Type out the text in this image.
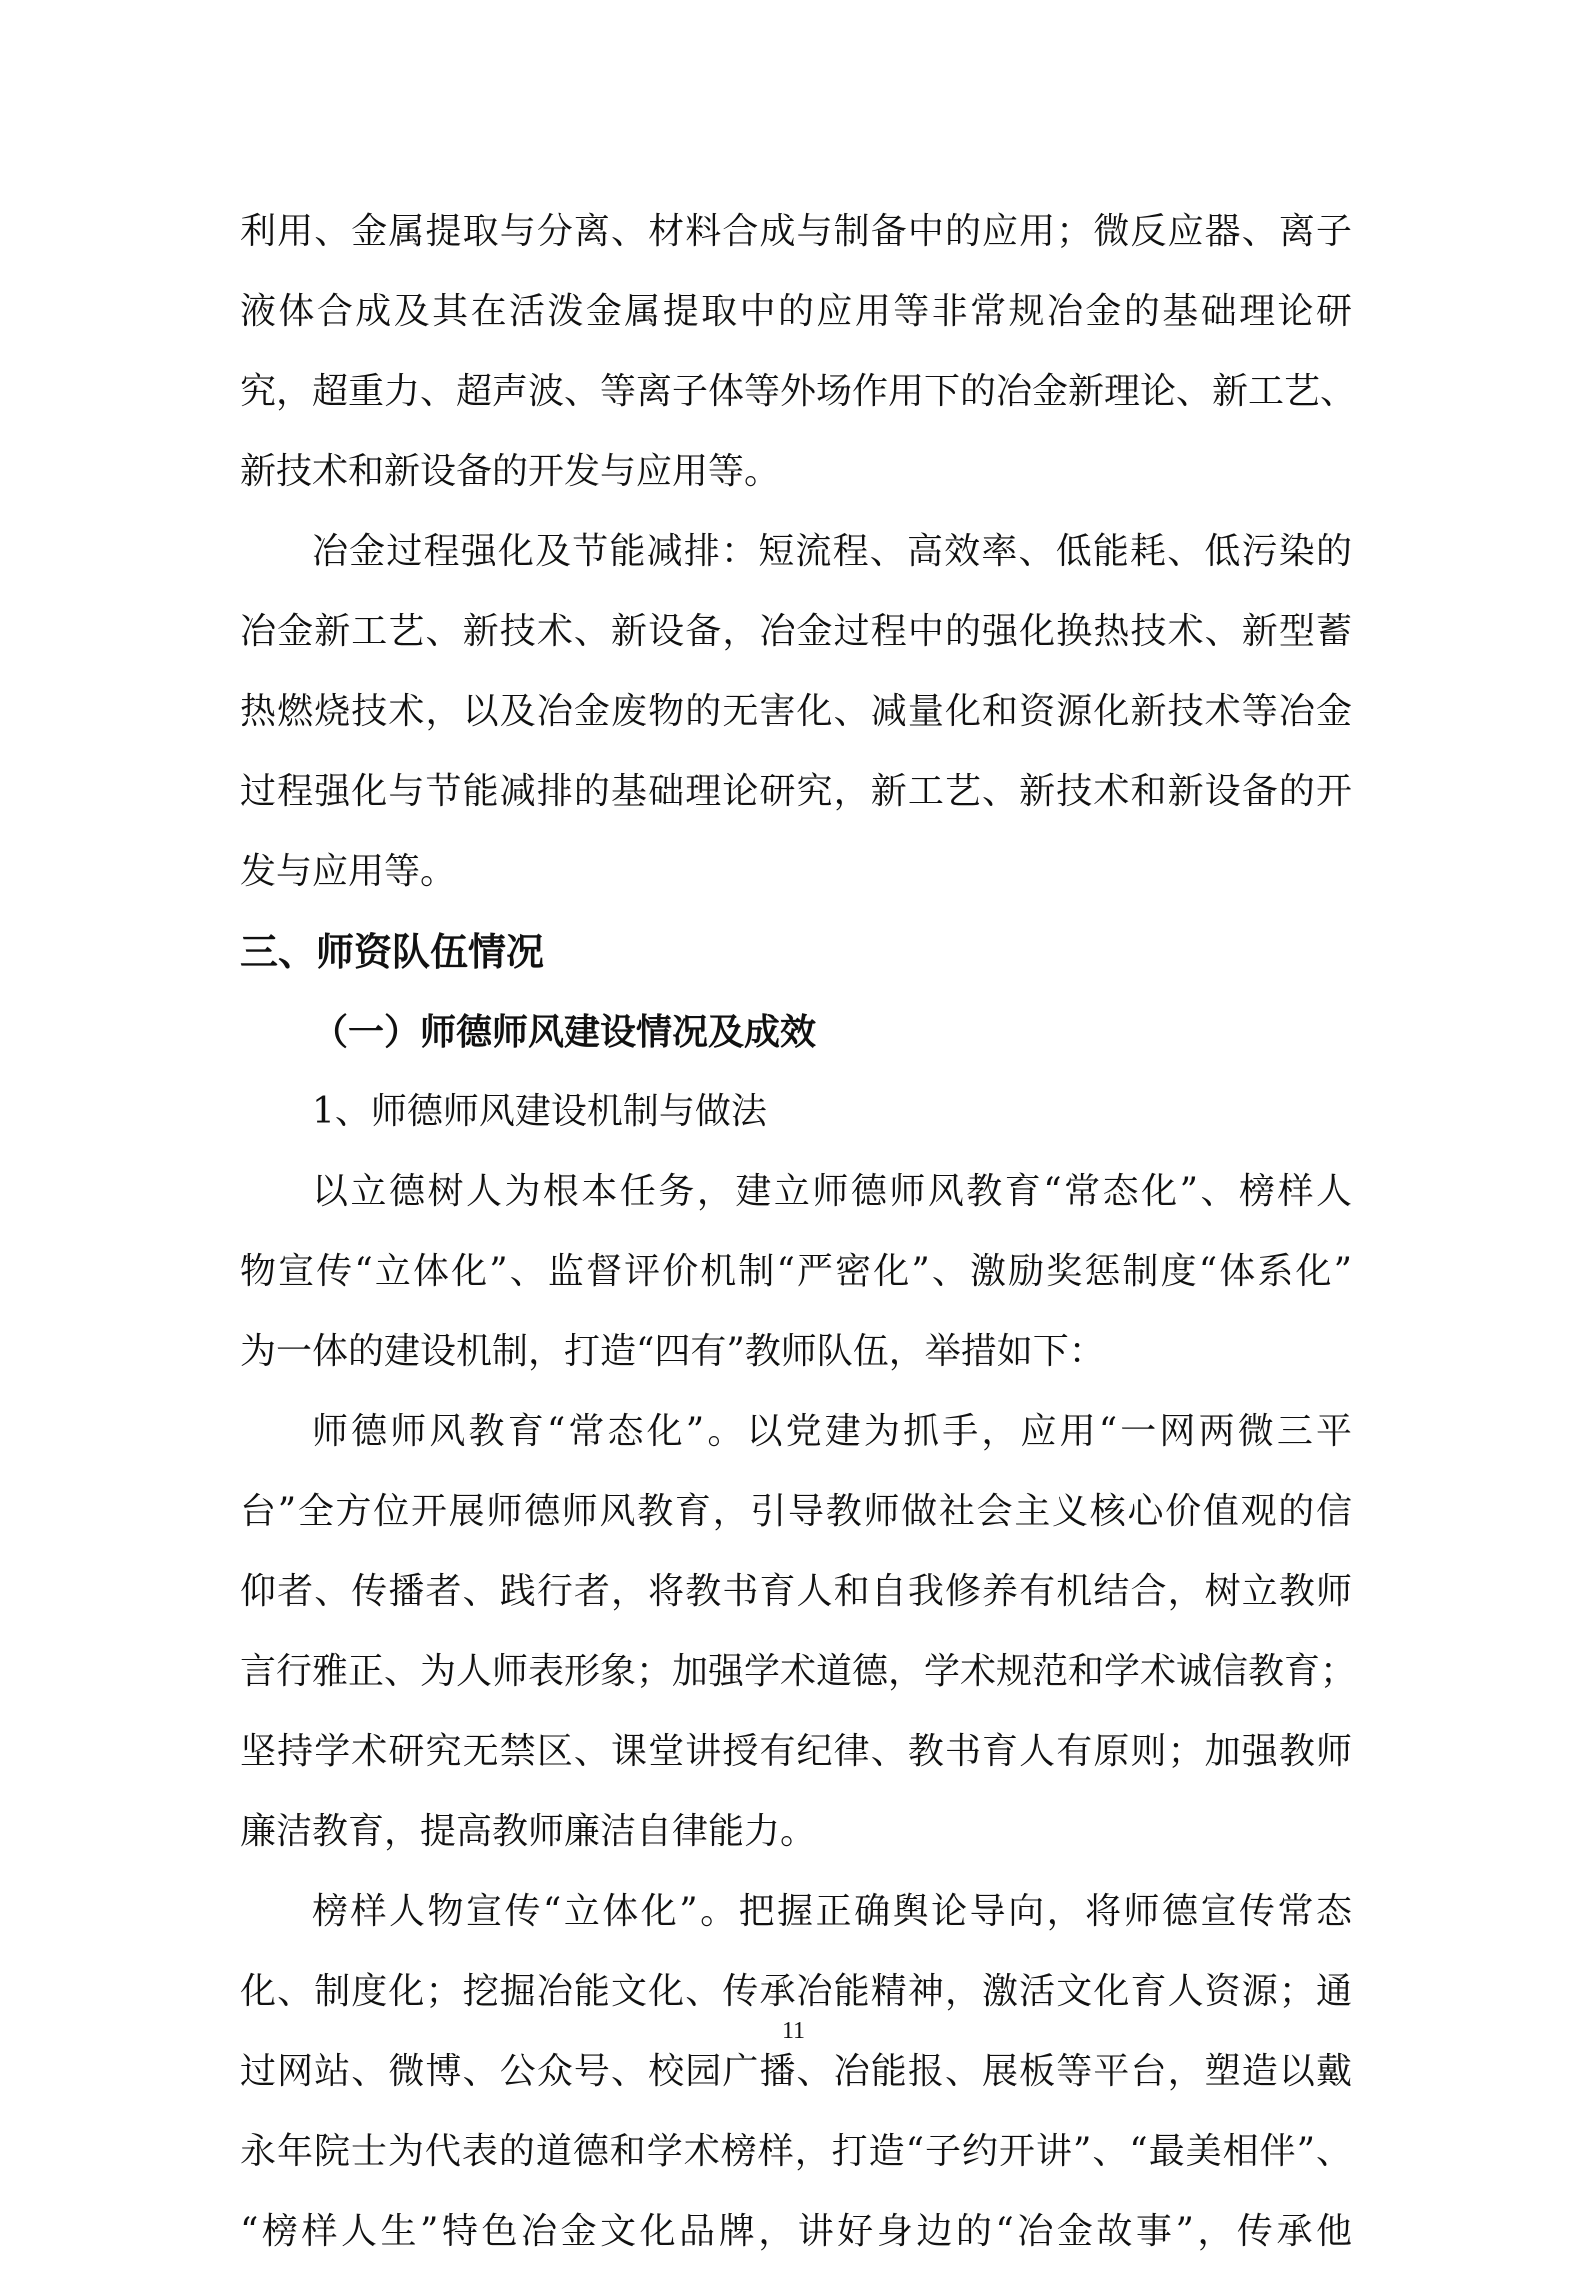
利用、金属提取与分离、材料合成与制备中的应用；微反应器、离子
液体合成及其在活泼金属提取中的应用等非常规冶金的基础理论研
究，超重力、超声波、等离子体等外场作用下的冶金新理论、新工艺、
新技术和新设备的开发与应用等。
冶金过程强化及节能减排：短流程、高效率、低能耗、低污染的
冶金新工艺、新技术、新设备，冶金过程中的强化换热技术、新型蓄
热燃烧技术，以及冶金废物的无害化、减量化和资源化新技术等冶金
过程强化与节能减排的基础理论研究，新工艺、新技术和新设备的开
发与应用等。
三、师资队伍情况
（一）师德师风建设情况及成效
1、师德师风建设机制与做法
以立德树人为根本任务，建立师德师风教育“常态化”、榜样人
物宣传“立体化”、监督评价机制“严密化”、激励奖惩制度“体系化”
为一体的建设机制，打造“四有”教师队伍，举措如下：
师德师风教育“常态化”。以党建为抓手，应用“一网两微三平
台”全方位开展师德师风教育，引导教师做社会主义核心价值观的信
仰者、传播者、践行者，将教书育人和自我修养有机结合，树立教师
言行雅正、为人师表形象；加强学术道德，学术规范和学术诚信教育；
坚持学术研究无禁区、课堂讲授有纪律、教书育人有原则；加强教师
廉洁教育，提高教师廉洁自律能力。
榜样人物宣传“立体化”。把握正确舆论导向，将师德宣传常态
化、制度化；挖掘冶能文化、传承冶能精神，激活文化育人资源；通
过网站、微博、公众号、校园广播、冶能报、展板等平台，塑造以戴
永年院士为代表的道德和学术榜样，打造“子约开讲”、“最美相伴”、
“榜样人生”特色冶金文化品牌，讲好身边的“冶金故事”，传承他
11
